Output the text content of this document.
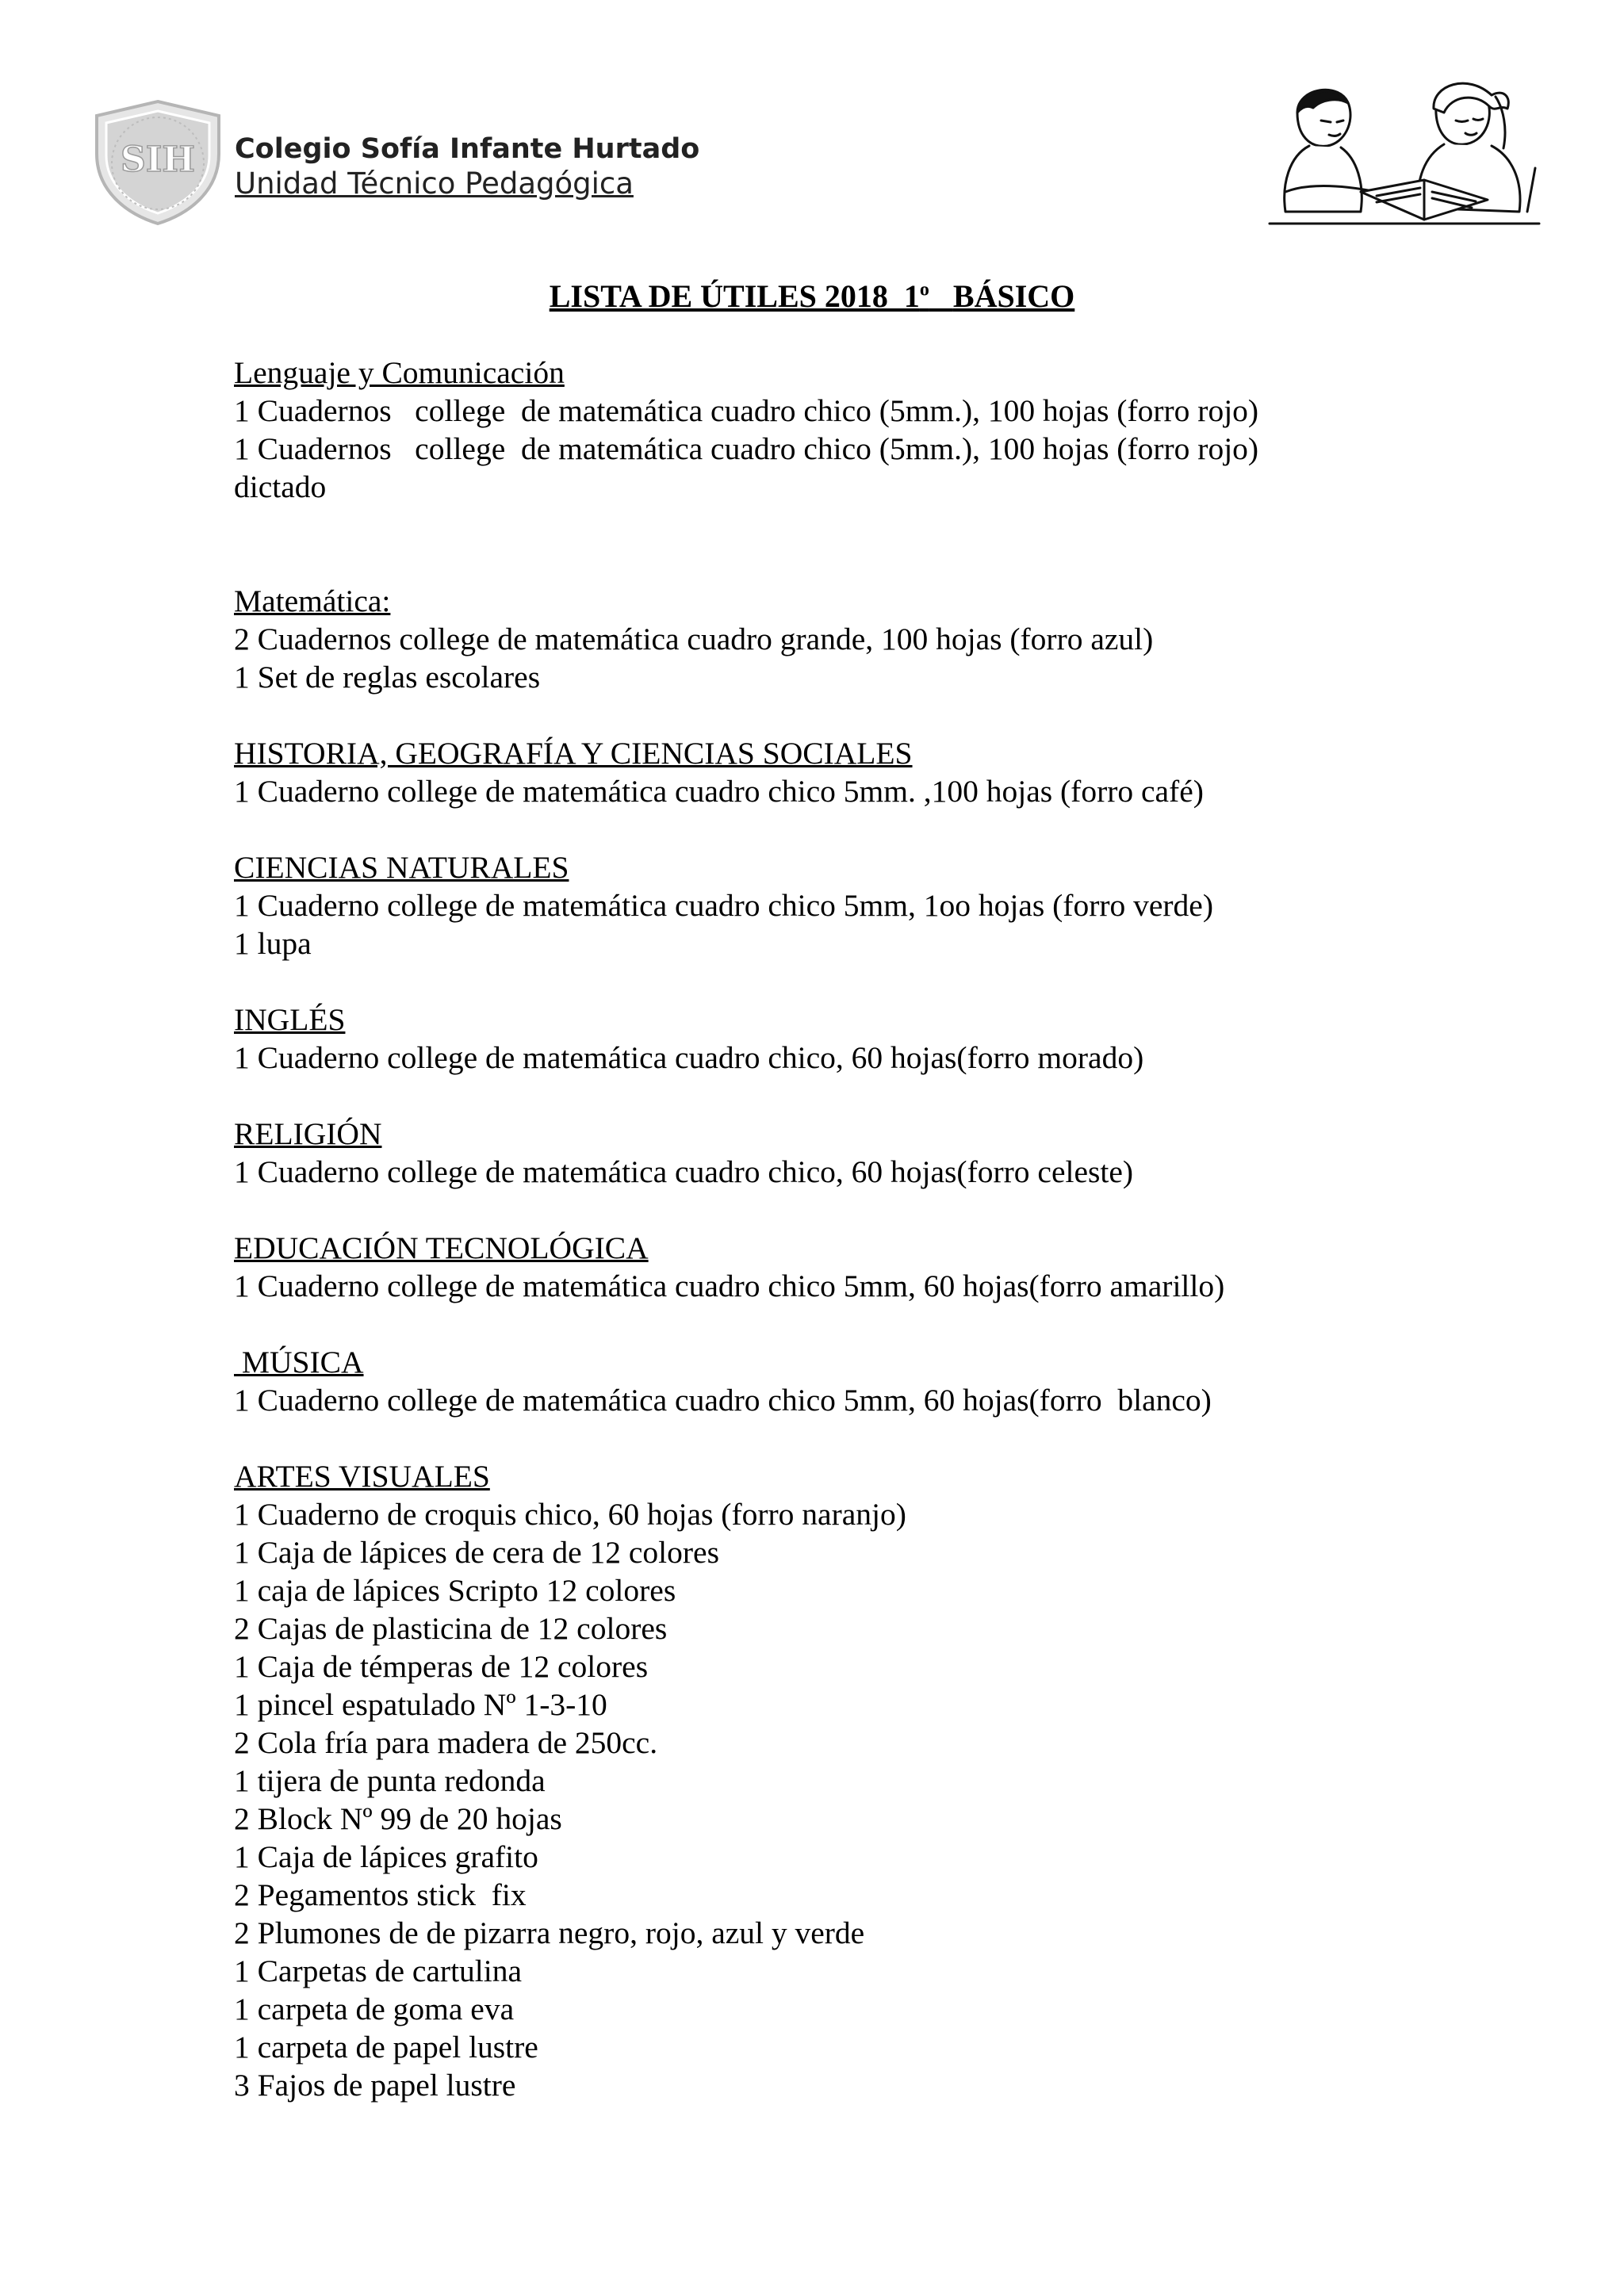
SIH Colegio Sofía Infante Hurtado
Unidad Técnico Pedagógica
LISTA DE ÚTILES 2018  1$^o$ BÁSICO
Lenguaje y Comunicación
1 Cuadernos   college  de matemática cuadro chico (5mm.), 100 hojas (forro rojo)
1 Cuadernos   college  de matemática cuadro chico (5mm.), 100 hojas (forro rojo)
dictado
Matemática:
2 Cuadernos college de matemática cuadro grande, 100 hojas (forro azul)
1 Set de reglas escolares
HISTORIA, GEOGRAFÍA Y CIENCIAS SOCIALES
1 Cuaderno college de matemática cuadro chico 5mm. ,100 hojas (forro café)
CIENCIAS NATURALES
1 Cuaderno college de matemática cuadro chico 5mm, 1oo hojas (forro verde)
1 lupa
INGLÉS
1 Cuaderno college de matemática cuadro chico, 60 hojas(forro morado)
RELIGIÓN
1 Cuaderno college de matemática cuadro chico, 60 hojas(forro celeste)
EDUCACIÓN TECNOLÓGICA
1 Cuaderno college de matemática cuadro chico 5mm, 60 hojas(forro amarillo)
MÚSICA
1 Cuaderno college de matemática cuadro chico 5mm, 60 hojas(forro  blanco)
ARTES VISUALES
1 Cuaderno de croquis chico, 60 hojas (forro naranjo)
1 Caja de lápices de cera de 12 colores
1 caja de lápices Scripto 12 colores
2 Cajas de plasticina de 12 colores
1 Caja de témperas de 12 colores
1 pincel espatulado Nº 1-3-10
2 Cola fría para madera de 250cc.
1 tijera de punta redonda
2 Block Nº 99 de 20 hojas
1 Caja de lápices grafito
2 Pegamentos stick  fix
2 Plumones de de pizarra negro, rojo, azul y verde
1 Carpetas de cartulina
1 carpeta de goma eva
1 carpeta de papel lustre
3 Fajos de papel lustre
